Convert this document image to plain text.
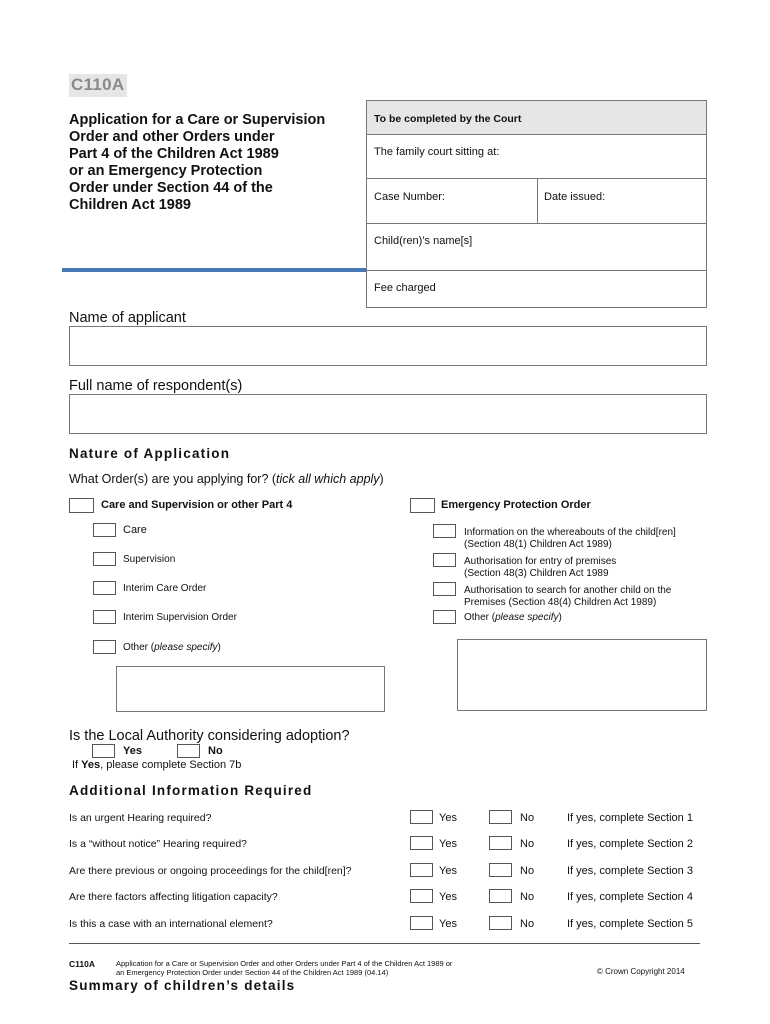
C110A
Application for a Care or Supervision
Order and other Orders under
Part 4 of the Children Act 1989
or an Emergency Protection
Order under Section 44 of the
Children Act 1989
To be completed by the Court
The family court sitting at:
Case Number:	Date issued:
Child(ren)’s name[s]
Fee charged
Name of applicant
Full name of respondent(s)
Nature of Application
What Order(s) are you applying for? (tick all which apply)
Care and Supervision or other Part 4
Care
Supervision
Interim Care Order
Interim Supervision Order
Other (please specify)
Emergency Protection Order
Information on the whereabouts of the child[ren]
(Section 48(1) Children Act 1989)
Authorisation for entry of premises
(Section 48(3) Children Act 1989
Authorisation to search for another child on the
Premises (Section 48(4) Children Act 1989)
Other (please specify)
Is the Local Authority considering adoption?
Yes	No
If Yes, please complete Section 7b
Additional Information Required
Is an urgent Hearing required?	Yes	No	If yes, complete Section 1
Is a “without notice” Hearing required?	Yes	No	If yes, complete Section 2
Are there previous or ongoing proceedings for the child[ren]?	Yes	No	If yes, complete Section 3
Are there factors affecting litigation capacity?	Yes	No	If yes, complete Section 4
Is this a case with an international element?	Yes	No	If yes, complete Section 5
C110A	Application for a Care or Supervision Order and other Orders under Part 4 of the Children Act 1989 or
an Emergency Protection Order under Section 44 of the Children Act 1989 (04.14)	© Crown Copyright 2014
Summary of children’s details
